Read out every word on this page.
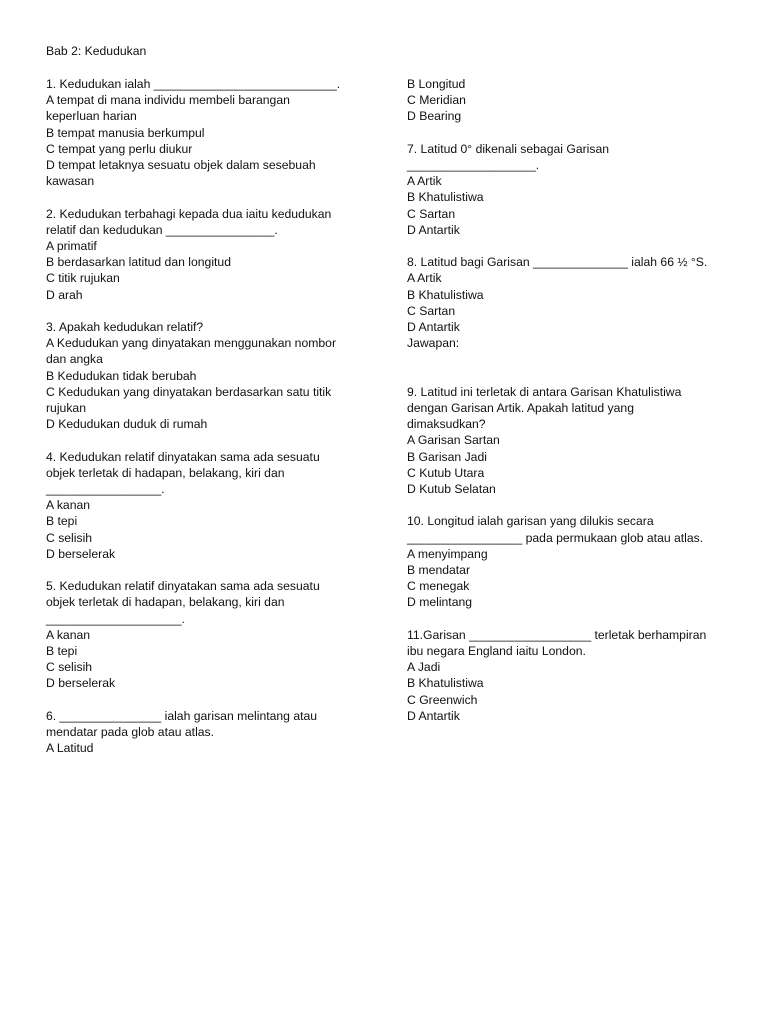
Bab 2: Kedudukan
1. Kedudukan ialah ___________________________.
A tempat di mana individu membeli barangan
keperluan harian
B tempat manusia berkumpul
C tempat yang perlu diukur
D tempat letaknya sesuatu objek dalam sesebuah
kawasan
2. Kedudukan terbahagi kepada dua iaitu kedudukan
relatif dan kedudukan ________________.
A primatif
B berdasarkan latitud dan longitud
C titik rujukan
D arah
3. Apakah kedudukan relatif?
A Kedudukan yang dinyatakan menggunakan nombor
dan angka
B Kedudukan tidak berubah
C Kedudukan yang dinyatakan berdasarkan satu titik
rujukan
D Kedudukan duduk di rumah
4. Kedudukan relatif dinyatakan sama ada sesuatu
objek terletak di hadapan, belakang, kiri dan
_________________.
A kanan
B tepi
C selisih
D berselerak
5. Kedudukan relatif dinyatakan sama ada sesuatu
objek terletak di hadapan, belakang, kiri dan
____________________.
A kanan
B tepi
C selisih
D berselerak
6. _______________ ialah garisan melintang atau
mendatar pada glob atau atlas.
A Latitud
B Longitud
C Meridian
D Bearing
7. Latitud 0° dikenali sebagai Garisan
___________________.
A Artik
B Khatulistiwa
C Sartan
D Antartik
8. Latitud bagi Garisan ______________ ialah 66 ½ °S.
A Artik
B Khatulistiwa
C Sartan
D Antartik
Jawapan:

9. Latitud ini terletak di antara Garisan Khatulistiwa
dengan Garisan Artik. Apakah latitud yang
dimaksudkan?
A Garisan Sartan
B Garisan Jadi
C Kutub Utara
D Kutub Selatan
10. Longitud ialah garisan yang dilukis secara
_________________ pada permukaan glob atau atlas.
A menyimpang
B mendatar
C menegak
D melintang
11.Garisan __________________ terletak berhampiran
ibu negara England iaitu London.
A Jadi
B Khatulistiwa
C Greenwich
D Antartik
